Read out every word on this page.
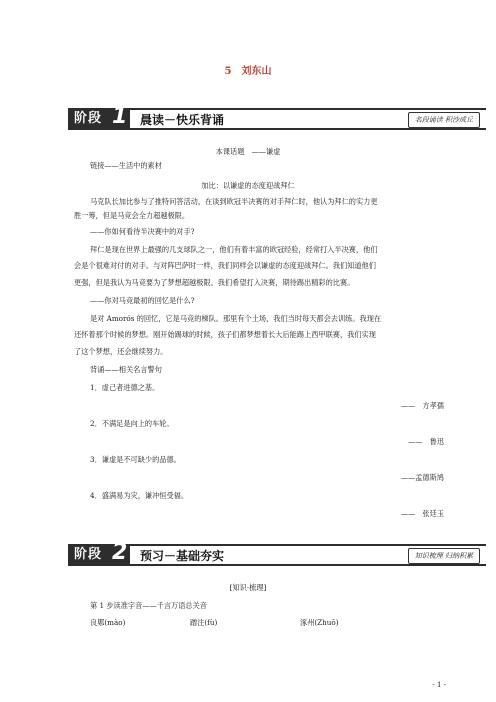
5　刘东山
阶段 1 晨读－快乐背诵	名段诵读 积沙成丘
本课话题　——谦虚
链接——生活中的素材
加比：以谦虚的态度迎战拜仁
马克队长加比参与了推特问答活动，在谈到欧冠半决赛的对手拜仁时，他认为拜仁的实力更
胜一筹，但是马竞会全力超越极限。
——你如何看待半决赛中的对手?
拜仁是现在世界上最强的几支球队之一，他们有着丰富的欧冠经验，经常打入半决赛，他们
会是个很难对付的对手。与对阵巴萨时一样，我们同样会以谦虚的态度迎战拜仁。我们知道他们
更强，但是我认为马竞要为了梦想超越极限。我们希望打入决赛，期待踢出精彩的比赛。
——你对马竞最初的回忆是什么?
是对 Amorós 的回忆，它是马竞的梯队。那里有个土场，我们当时每天都会去训练。我现在
还怀着那个时候的梦想。刚开始踢球的时候，孩子们都梦想着长大后能踢上西甲联赛，我们实现
了这个梦想，还会继续努力。
背诵——相关名言警句
1．虚己者进德之基。
——　方孝孺
2．不满足是向上的车轮。
——　鲁迅
3．谦虚是不可缺少的品德。
——孟德斯鸠
4．盛满易为灾，谦冲恒受福。
——　张廷玉
阶段 2 预习－基础夯实	知识梳理 归纳积累
[知识·梳理]
第 1 步读准字音——千言万语总关音
良鄚(mào)	蹭注(fù)	涿州(Zhuō)
- 1 -
